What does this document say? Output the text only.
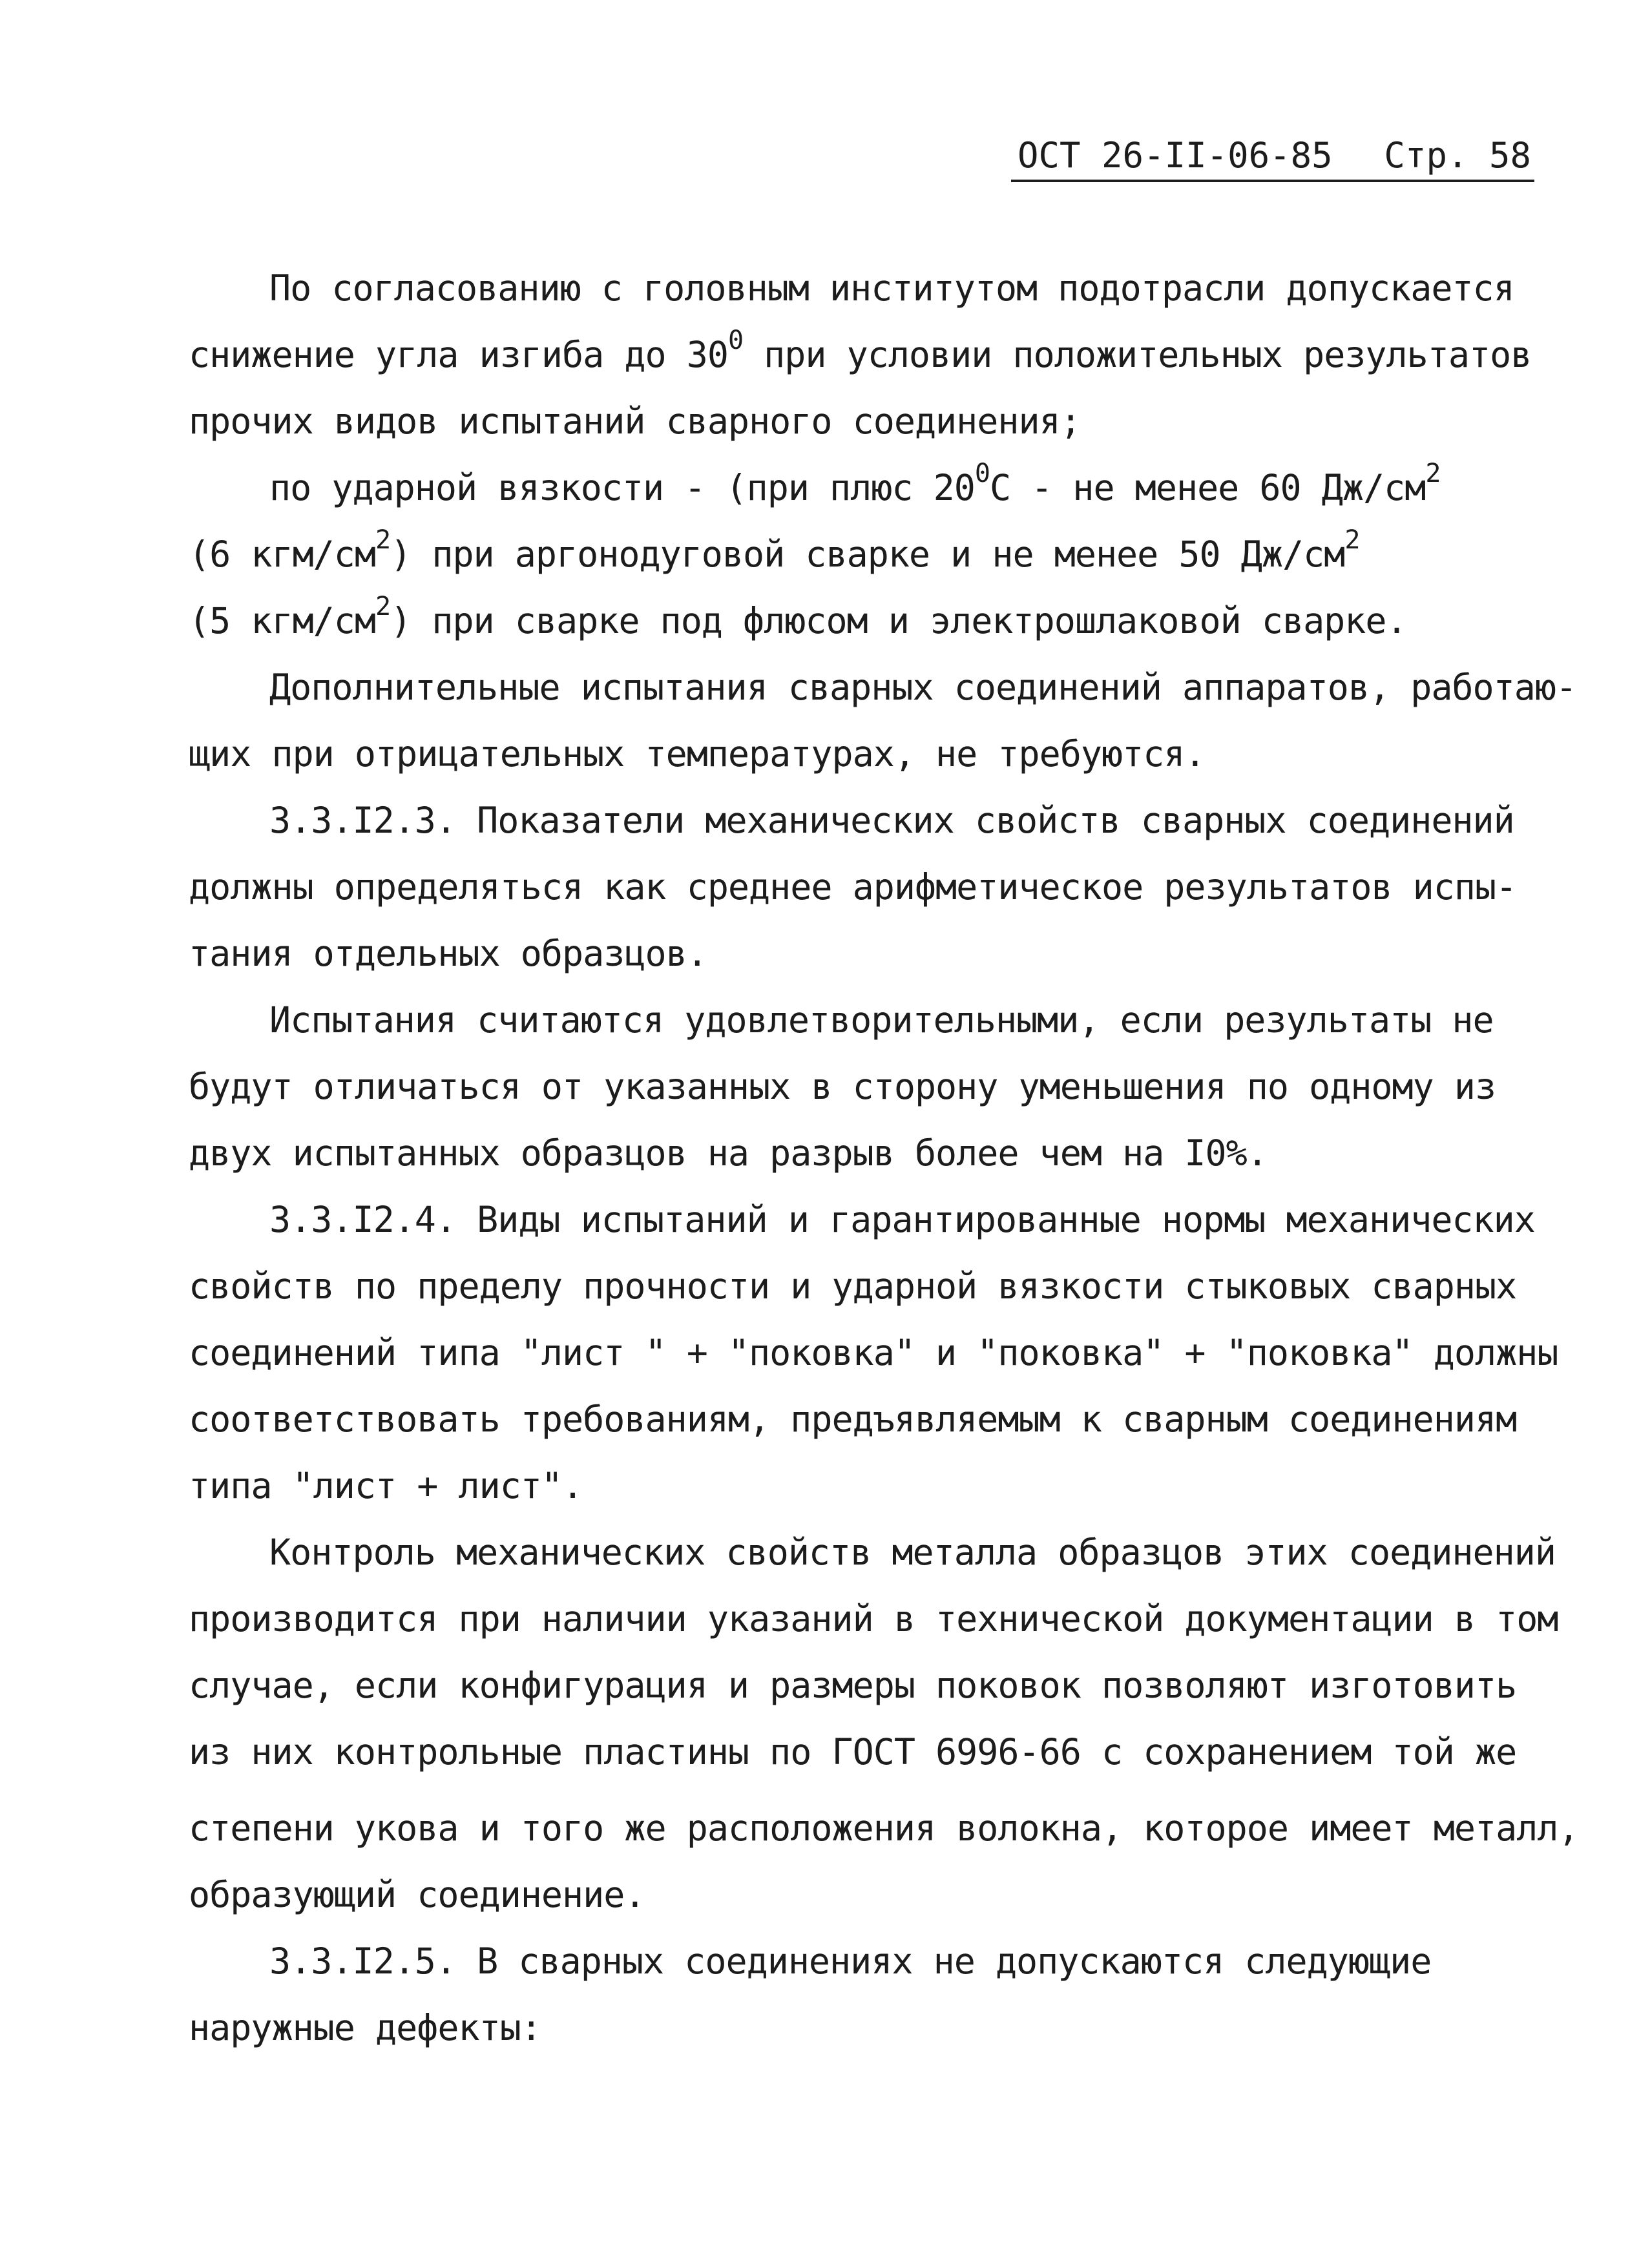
ОСТ 26-II-06-85

Стр. 58

По согласованию с головным институтом подотрасли допускается
снижение угла изгиба до $30^0$ при условии положительных результатов
прочих видов испытаний сварного соединения;
по ударной вязкости - (при плюс $20^0С$ - не менее 60 $Дж/см^2$
(6 кгм/$см^2$) при аргонодуговой сварке и не менее 50 $Дж/см^2$
(5 кгм/$см^2$) при сварке под флюсом и электрошлаковой сварке.
Дополнительные испытания сварных соединений аппаратов, работаю-
щих при отрицательных температурах, не требуются.
3.3.I2.3. Показатели механических свойств сварных соединений
должны определяться как среднее арифметическое результатов испы-
тания отдельных образцов.
Испытания считаются удовлетворительными, если результаты не
будут отличаться от указанных в сторону уменьшения по одному из
двух испытанных образцов на разрыв более чем на I0%.
3.3.I2.4. Виды испытаний и гарантированные нормы механических
свойств по пределу прочности и ударной вязкости стыковых сварных
соединений типа "лист " + "поковка" и "поковка" + "поковка" должны
соответствовать требованиям, предъявляемым к сварным соединениям
типа "лист + лист".
Контроль механических свойств металла образцов этих соединений
производится при наличии указаний в технической документации в том
случае, если конфигурация и размеры поковок позволяют изготовить
из них контрольные пластины по ГОСТ 6996-66 с сохранением той же
степени укова и того же расположения волокна, которое имеет металл,
образующий соединение.
3.3.I2.5. В сварных соединениях не допускаются следующие
наружные дефекты:
